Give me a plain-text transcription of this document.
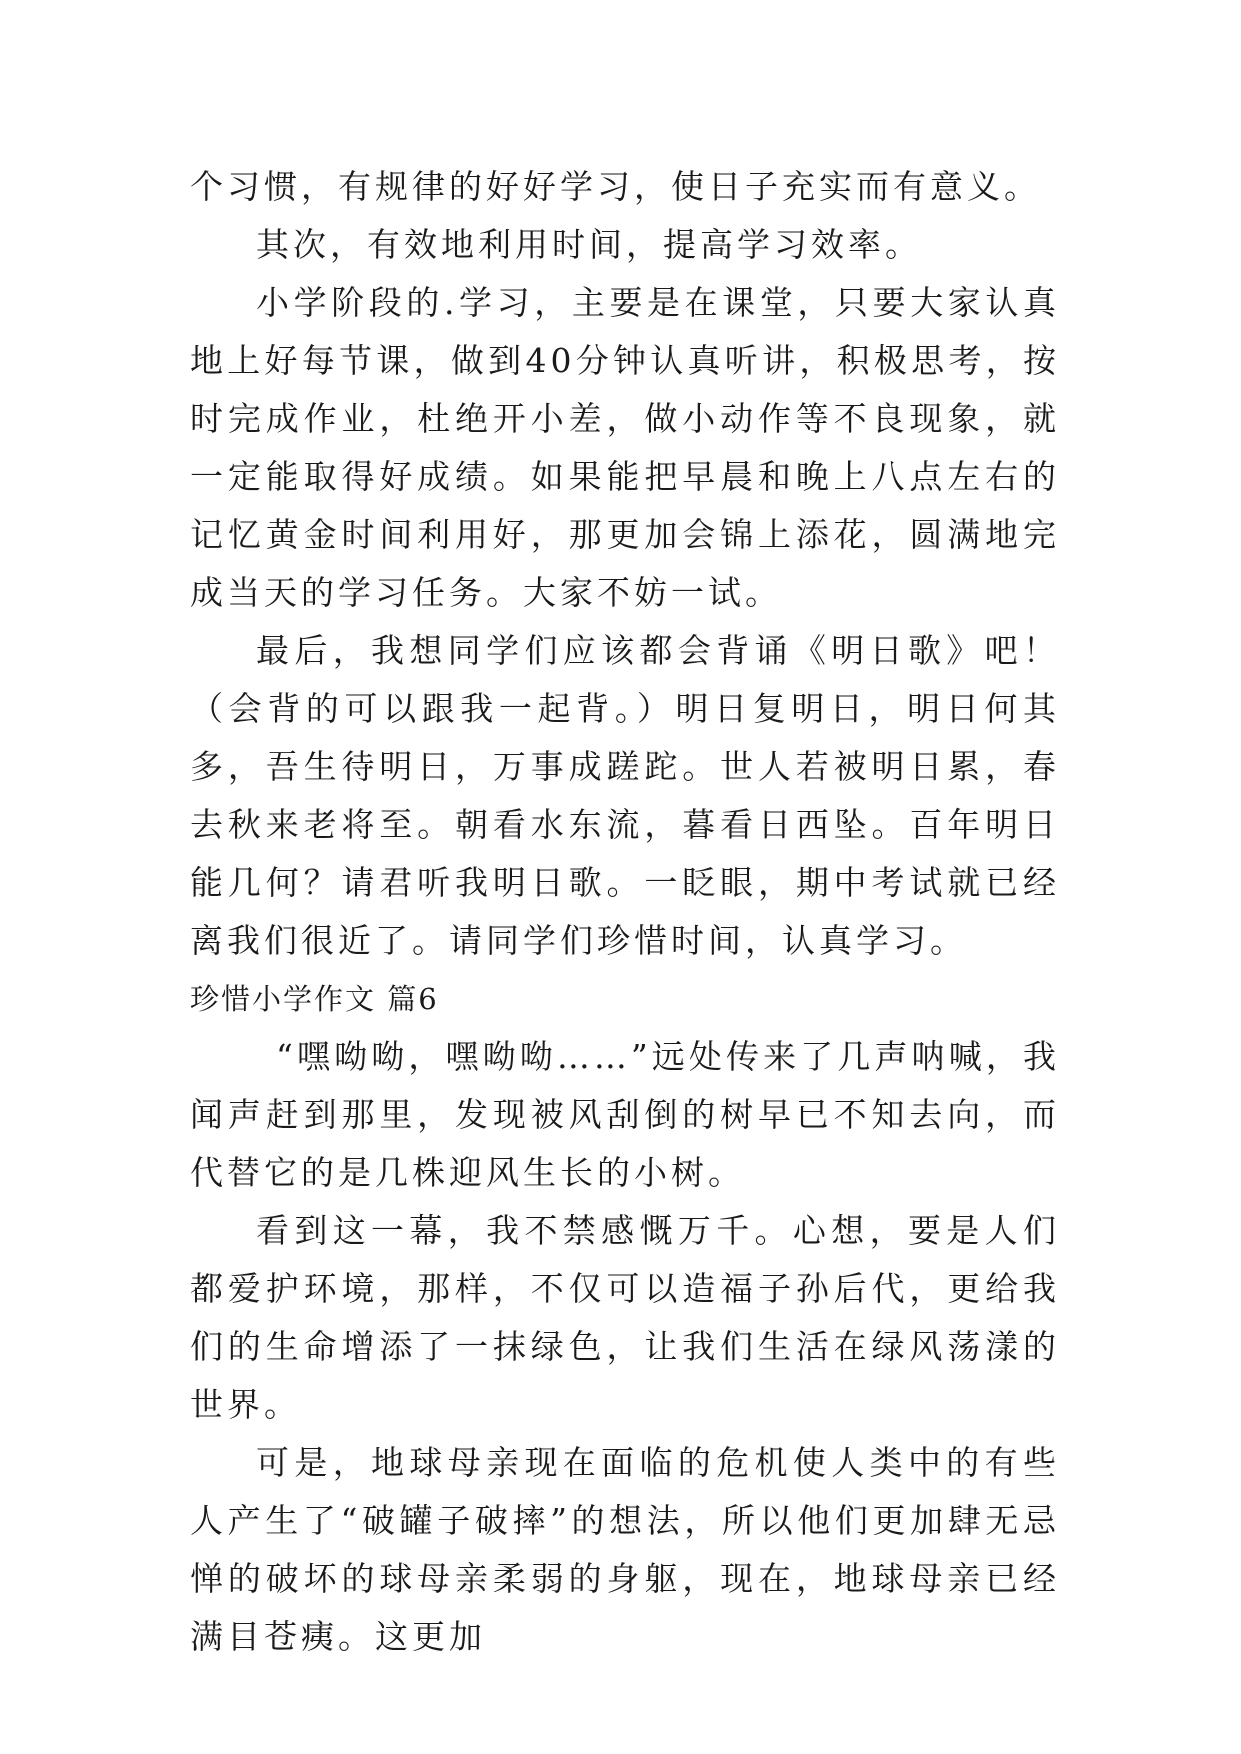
个习惯，有规律的好好学习，使日子充实而有意义。

其次，有效地利用时间，提高学习效率。

小学阶段的.学习，主要是在课堂，只要大家认真地上好每节课，做到40分钟认真听讲，积极思考，按时完成作业，杜绝开小差，做小动作等不良现象，就一定能取得好成绩。如果能把早晨和晚上八点左右的记忆黄金时间利用好，那更加会锦上添花，圆满地完成当天的学习任务。大家不妨一试。

最后，我想同学们应该都会背诵《明日歌》吧！（会背的可以跟我一起背。）明日复明日，明日何其多，吾生待明日，万事成蹉跎。世人若被明日累，春去秋来老将至。朝看水东流，暮看日西坠。百年明日能几何？请君听我明日歌。一眨眼，期中考试就已经离我们很近了。请同学们珍惜时间，认真学习。

珍惜小学作文 篇6

“嘿呦呦，嘿呦呦……”远处传来了几声呐喊，我闻声赶到那里，发现被风刮倒的树早已不知去向，而代替它的是几株迎风生长的小树。

看到这一幕，我不禁感慨万千。心想，要是人们都爱护环境，那样，不仅可以造福子孙后代，更给我们的生命增添了一抹绿色，让我们生活在绿风荡漾的世界。

可是，地球母亲现在面临的危机使人类中的有些人产生了“破罐子破摔”的想法，所以他们更加肆无忌惮的破坏的球母亲柔弱的身躯，现在，地球母亲已经满目苍痍。这更加
